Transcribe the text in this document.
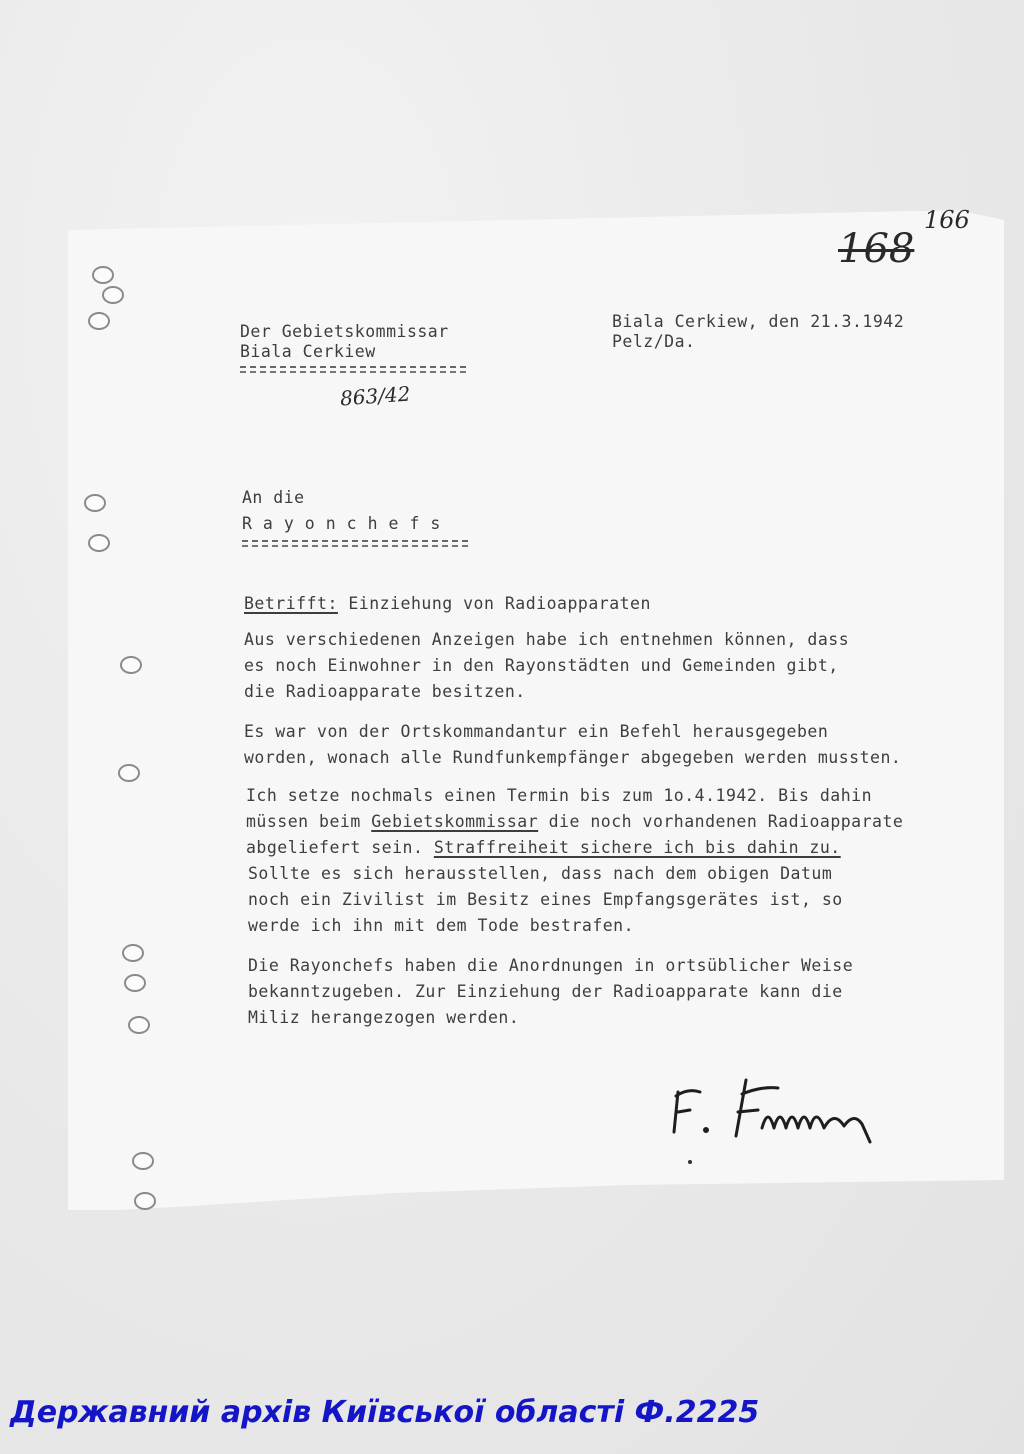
168
166
Der Gebietskommissar
Biala Cerkiew
863/42
Biala Cerkiew, den 21.3.1942
Pelz/Da.
An die
Rayonchefs
Betrifft: Einziehung von Radioapparaten
Aus verschiedenen Anzeigen habe ich entnehmen können, dass
es noch Einwohner in den Rayonstädten und Gemeinden gibt,
die Radioapparate besitzen.
Es war von der Ortskommandantur ein Befehl herausgegeben
worden, wonach alle Rundfunkempfänger abgegeben werden mussten.
Ich setze nochmals einen Termin bis zum 1o.4.1942. Bis dahin
müssen beim Gebietskommissar die noch vorhandenen Radioapparate
abgeliefert sein. Straffreiheit sichere ich bis dahin zu.
Sollte es sich herausstellen, dass nach dem obigen Datum
noch ein Zivilist im Besitz eines Empfangsgerätes ist, so
werde ich ihn mit dem Tode bestrafen.
Die Rayonchefs haben die Anordnungen in ortsüblicher Weise
bekanntzugeben. Zur Einziehung der Radioapparate kann die
Miliz herangezogen werden.
Державний архів Київської області Ф.2225
